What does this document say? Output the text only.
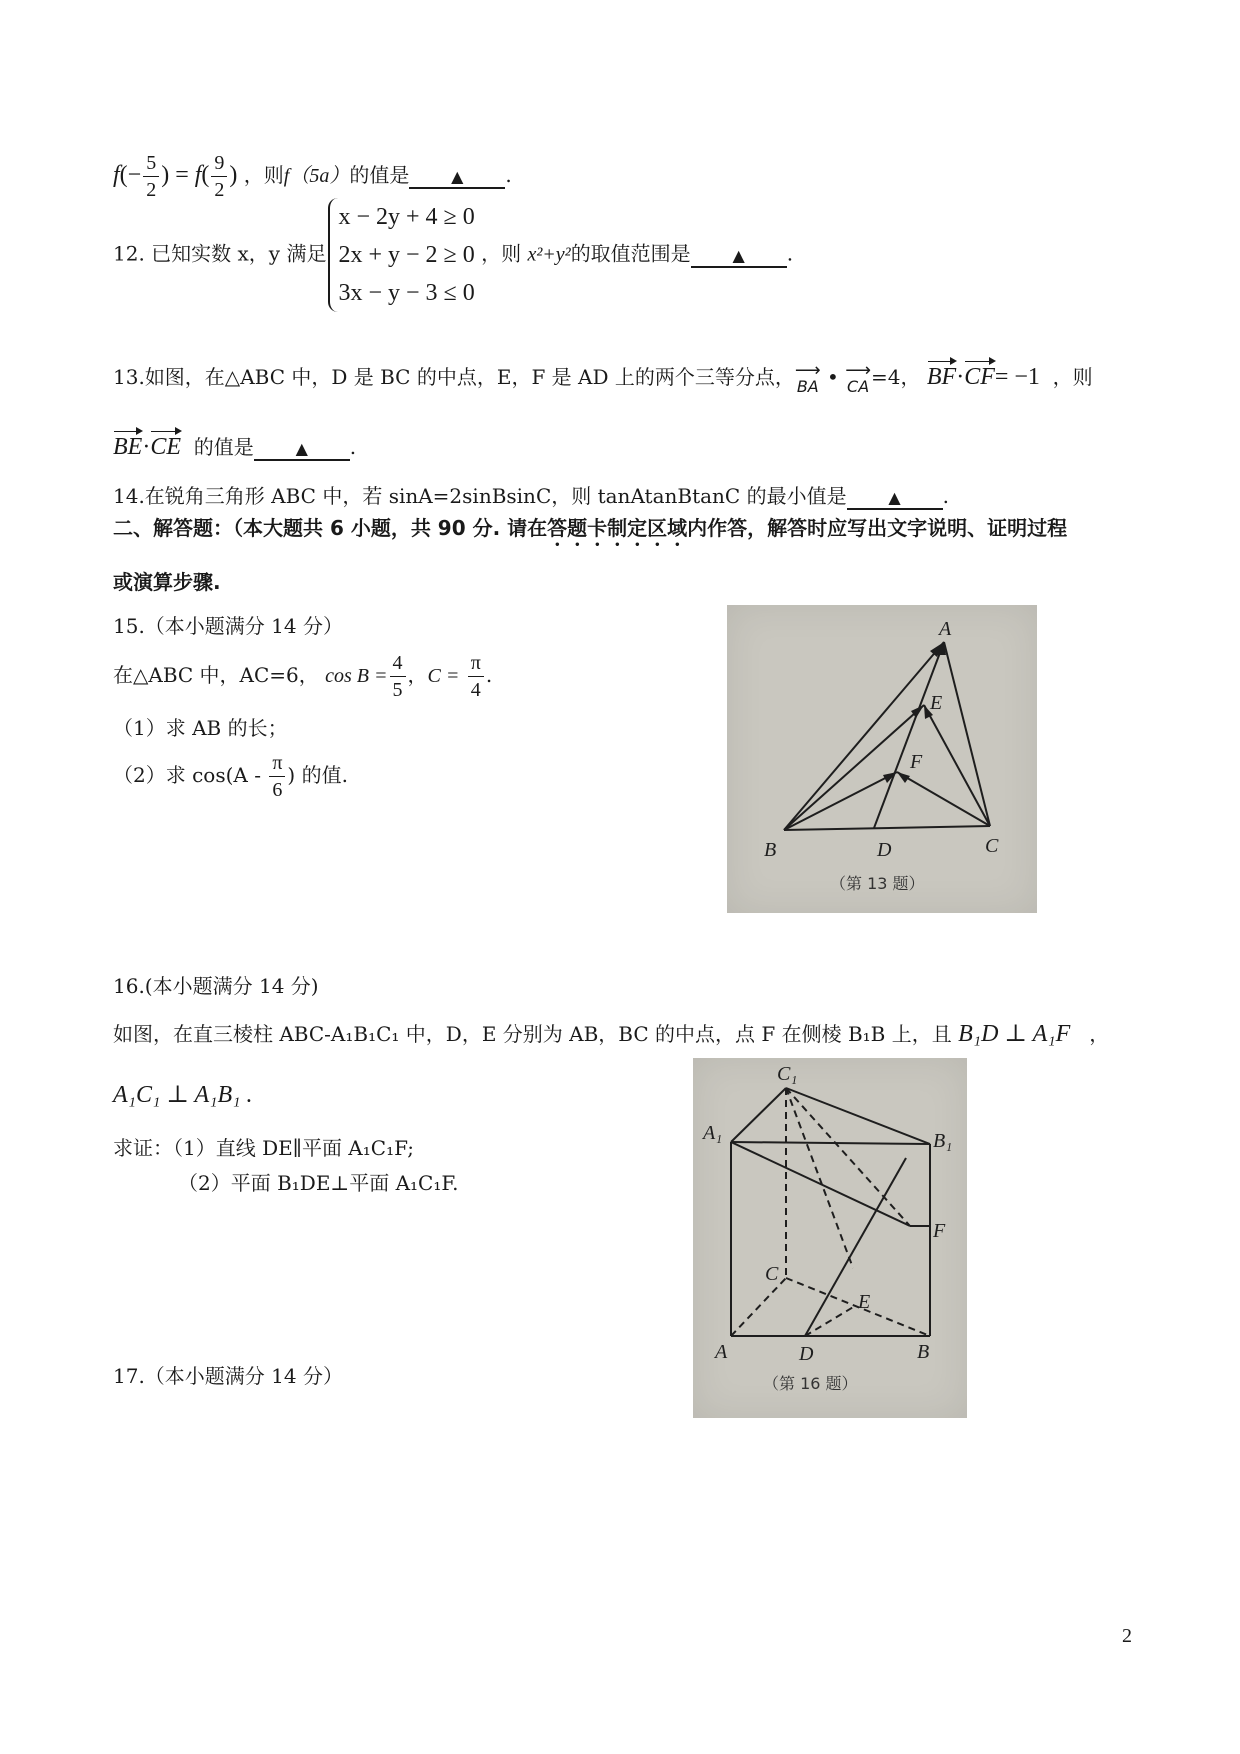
$f(- \frac{5}{2}$ ) = $f( \frac{9}{2}$ ) ，则f（5a）的值是	▲ .
12. 已知实数 x，y 满足
x − 2y + 4 ≥ 0
2x + y − 2 ≥ 0
3x − y − 3 ≤ 0
，则 x²+y²的取值范围是	▲ .
13.如图，在△ABC 中，D 是 BC 的中点，E，F 是 AD 上的两个三等分点， ⟶
BA • ⟶
CA=4， BF·CF= −1 ，则
BE·CE 的值是	▲ .
14.在锐角三角形 ABC 中，若 sinA=2sinBsinC，则 tanAtanBtanC 的最小值是	▲ .
二、解答题：（本大题共 6 小题，共 90 分. 请在答题卡制定区域内作答，解答时应写出文字说明、证明过程
或演算步骤.
15.（本小题满分 14 分）
在△ABC 中，AC=6， $\cos B = \frac{4}{5}$ ，$C = \frac{\pi}{4}$ .
（1）求 AB 的长；
（2）求 $\cos(A - \frac{\pi}{6}$ ) 的值.
A
E
F
B	D	C
（第 13 题）
16.(本小题满分 14 分)
如图，在直三棱柱 ABC-A₁B₁C₁ 中，D，E 分别为 AB，BC 的中点，点 F 在侧棱 B₁B 上，且 B₁D ⊥ A₁F   ，
A₁C₁ ⊥ A₁B₁ .
求证：（1）直线 DE∥平面 A₁C₁F;
（2）平面 B₁DE⊥平面 A₁C₁F.
C₁
A₁	B₁
F
C
E
A	D	B
（第 16 题）
17.（本小题满分 14 分）
2
